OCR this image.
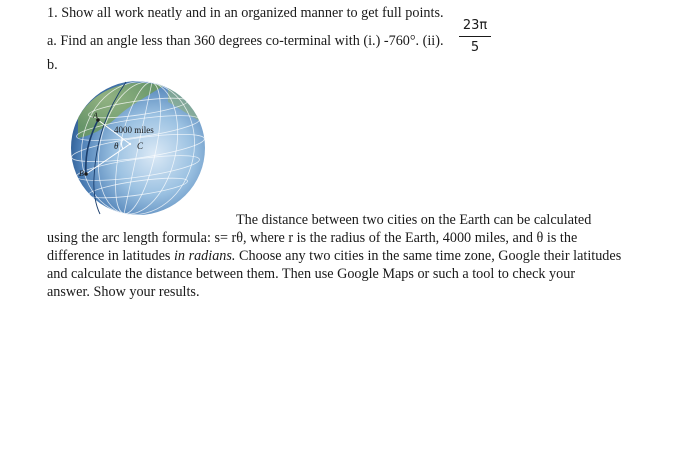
1. Show all work neatly and in an organized manner to get full points.
a. Find an angle less than 360 degrees co-terminal with (i.) -760°. (ii).
23π
5
b.
4000 miles
θ C
A
B
The distance between two cities on the Earth can be calculated
using the arc length formula: s= rθ, where r is the radius of the Earth, 4000 miles, and θ is the
difference in latitudes in radians. Choose any two cities in the same time zone, Google their latitudes
and calculate the distance between them. Then use Google Maps or such a tool to check your
answer. Show your results.
